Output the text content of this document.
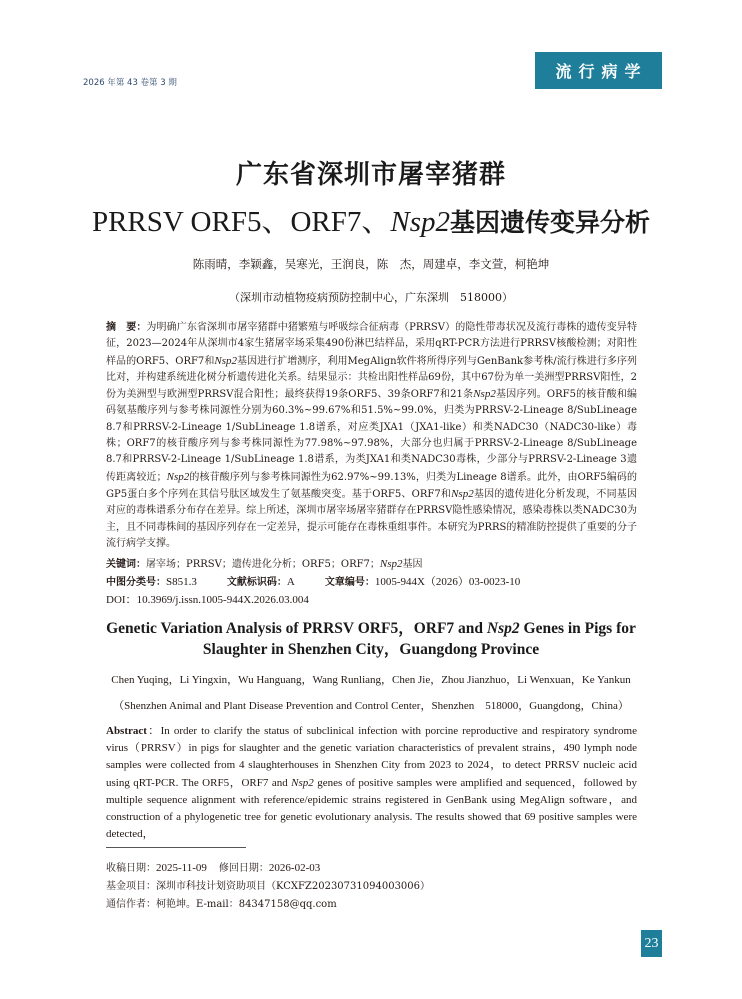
2026 年第 43 卷第 3 期
流行病学
广东省深圳市屠宰猪群
PRRSV ORF5、ORF7、Nsp2基因遗传变异分析
陈雨晴，李颖鑫，吴寒光，王润良，陈　杰，周建卓，李文萱，柯艳坤
（深圳市动植物疫病预防控制中心，广东深圳　518000）
摘　要：为明确广东省深圳市屠宰猪群中猪繁殖与呼吸综合征病毒（PRRSV）的隐性带毒状况及流行毒株的遗传变异特征，2023—2024年从深圳市4家生猪屠宰场采集490份淋巴结样品，采用qRT-PCR方法进行PRRSV核酸检测；对阳性样品的ORF5、ORF7和Nsp2基因进行扩增测序，利用MegAlign软件将所得序列与GenBank参考株/流行株进行多序列比对，并构建系统进化树分析遗传进化关系。结果显示：共检出阳性样品69份，其中67份为单一美洲型PRRSV阳性，2份为美洲型与欧洲型PRRSV混合阳性；最终获得19条ORF5、39条ORF7和21条Nsp2基因序列。ORF5的核苷酸和编码氨基酸序列与参考株同源性分别为60.3%~99.67%和51.5%~99.0%，归类为PRRSV-2-Lineage 8/SubLineage 8.7和PRRSV-2-Lineage 1/SubLineage 1.8谱系，对应类JXA1（JXA1-like）和类NADC30（NADC30-like）毒株；ORF7的核苷酸序列与参考株同源性为77.98%~97.98%，大部分也归属于PRRSV-2-Lineage 8/SubLineage 8.7和PRRSV-2-Lineage 1/SubLineage 1.8谱系，为类JXA1和类NADC30毒株，少部分与PRRSV-2-Lineage 3遗传距离较近；Nsp2的核苷酸序列与参考株同源性为62.97%~99.13%，归类为Lineage 8谱系。此外，由ORF5编码的GP5蛋白多个序列在其信号肽区域发生了氨基酸突变。基于ORF5、ORF7和Nsp2基因的遗传进化分析发现，不同基因对应的毒株谱系分布存在差异。综上所述，深圳市屠宰场屠宰猪群存在PRRSV隐性感染情况，感染毒株以类NADC30为主，且不同毒株间的基因序列存在一定差异，提示可能存在毒株重组事件。本研究为PRRS的精准防控提供了重要的分子流行病学支撑。
关键词：屠宰场；PRRSV；遗传进化分析；ORF5；ORF7；Nsp2基因
中图分类号：S851.3	文献标识码：A	文章编号：1005-944X（2026）03-0023-10
DOI：10.3969/j.issn.1005-944X.2026.03.004
Genetic Variation Analysis of PRRSV ORF5，ORF7 and Nsp2 Genes in Pigs for Slaughter in Shenzhen City，Guangdong Province
Chen Yuqing，Li Yingxin，Wu Hanguang，Wang Runliang，Chen Jie，Zhou Jianzhuo，Li Wenxuan，Ke Yankun
（Shenzhen Animal and Plant Disease Prevention and Control Center，Shenzhen　518000，Guangdong，China）
Abstract：In order to clarify the status of subclinical infection with porcine reproductive and respiratory syndrome virus（PRRSV）in pigs for slaughter and the genetic variation characteristics of prevalent strains，490 lymph node samples were collected from 4 slaughterhouses in Shenzhen City from 2023 to 2024，to detect PRRSV nucleic acid using qRT-PCR. The ORF5，ORF7 and Nsp2 genes of positive samples were amplified and sequenced，followed by multiple sequence alignment with reference/epidemic strains registered in GenBank using MegAlign software，and construction of a phylogenetic tree for genetic evolutionary analysis. The results showed that 69 positive samples were detected，
收稿日期：2025-11-09 修回日期：2026-02-03
基金项目：深圳市科技计划资助项目（KCXFZ20230731094003006）
通信作者：柯艳坤。E-mail：84347158@qq.com
23
